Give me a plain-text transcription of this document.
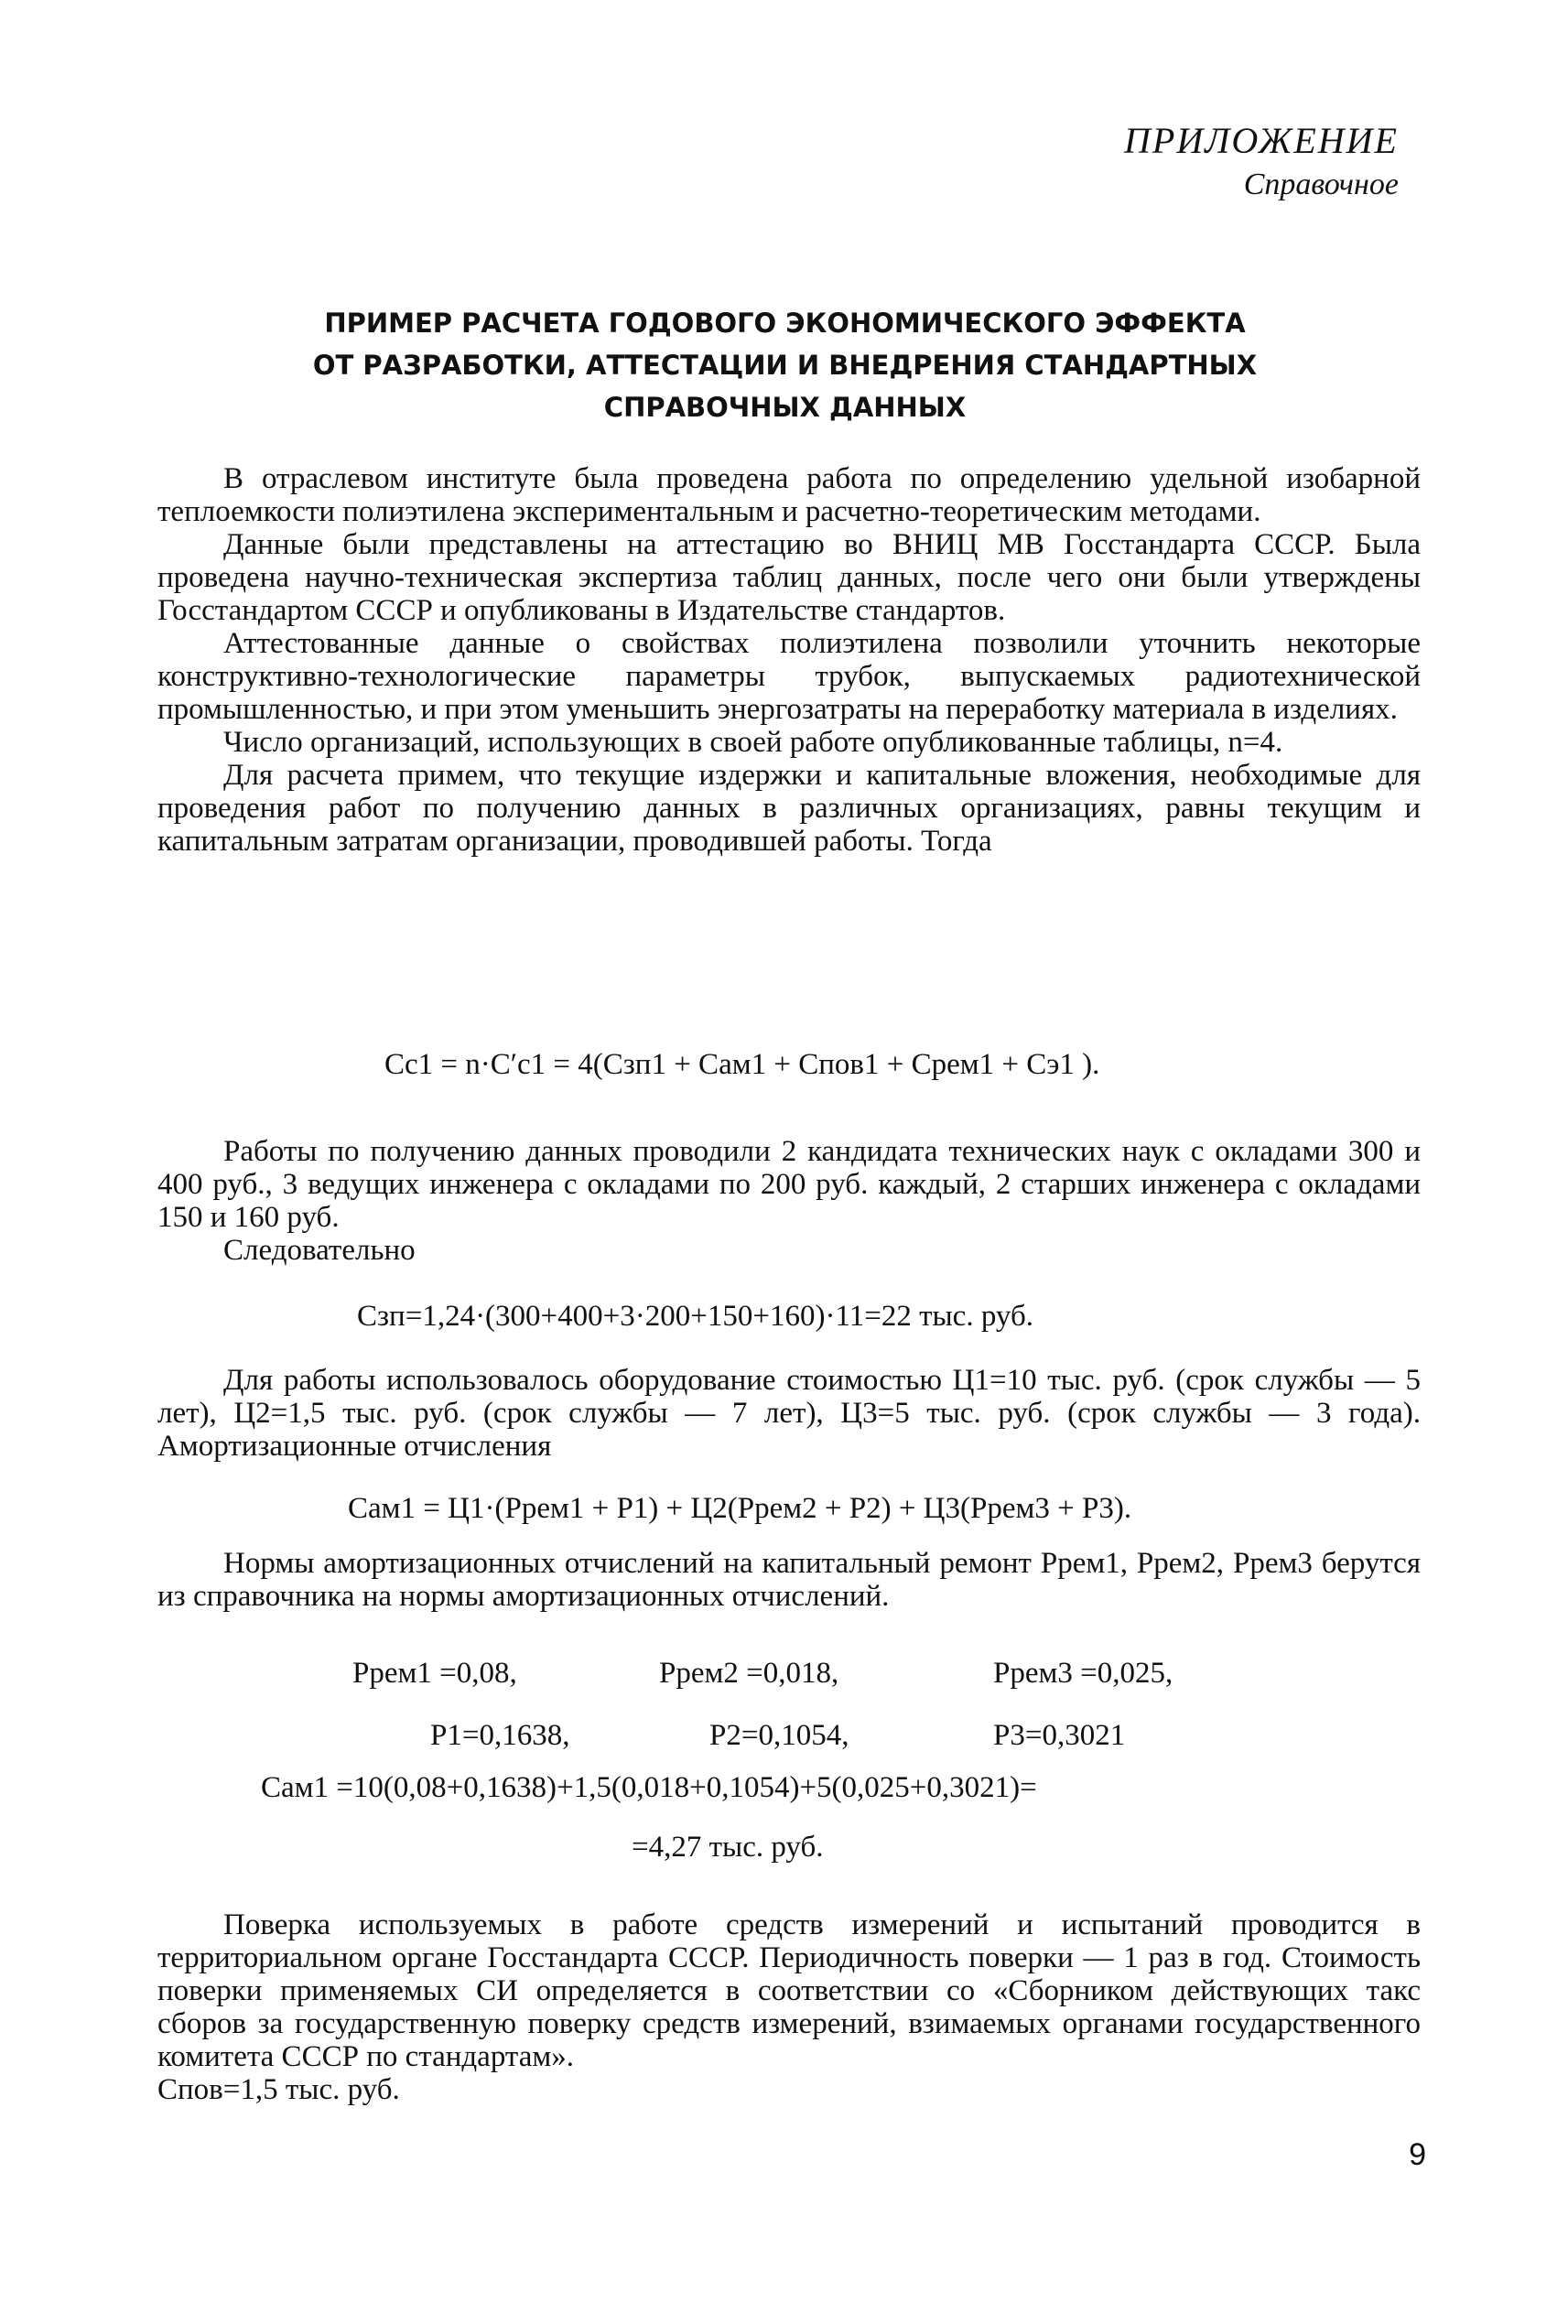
ПРИЛОЖЕНИЕ
Справочное
ПРИМЕР РАСЧЕТА ГОДОВОГО ЭКОНОМИЧЕСКОГО ЭФФЕКТА
ОТ РАЗРАБОТКИ, АТТЕСТАЦИИ И ВНЕДРЕНИЯ СТАНДАРТНЫХ
СПРАВОЧНЫХ ДАННЫХ

В отраслевом институте была проведена работа по определению удельной изобарной теплоемкости полиэтилена экспериментальным и расчетно-теоретическим методами.

Данные были представлены на аттестацию во ВНИЦ МВ Госстандарта СССР. Была проведена научно-техническая экспертиза таблиц данных, после чего они были утверждены Госстандартом СССР и опубликованы в Издательстве стандартов.

Аттестованные данные о свойствах полиэтилена позволили уточнить некоторые конструктивно-технологические параметры трубок, выпускаемых радиотехнической промышленностью, и при этом уменьшить энергозатраты на переработку материала в изделиях.

Число организаций, использующих в своей работе опубликованные таблицы, n=4.

Для расчета примем, что текущие издержки и капитальные вложения, необходимые для проведения работ по получению данных в различных организациях, равны текущим и капитальным затратам организации, проводившей работы. Тогда

Cс1 = n·C′с1 = 4(Cзп1 + Cам1 + Cпов1 + Cрем1 + Cэ1 ).

Работы по получению данных проводили 2 кандидата технических наук с окладами 300 и 400 руб., 3 ведущих инженера с окладами по 200 руб. каждый, 2 старших инженера с окладами 150 и 160 руб.

Следовательно

Cзп=1,24·(300+400+3·200+150+160)·11=22 тыс. руб.

Для работы использовалось оборудование стоимостью Ц1=10 тыс. руб. (срок службы — 5 лет), Ц2=1,5 тыс. руб. (срок службы — 7 лет), Ц3=5 тыс. руб. (срок службы — 3 года). Амортизационные отчисления

Cам1 = Ц1·(Pрем1 + P1) + Ц2(Pрем2 + P2) + Ц3(Pрем3 + P3).

Нормы амортизационных отчислений на капитальный ремонт Pрем1, Pрем2, Pрем3 берутся из справочника на нормы амортизационных отчислений.

Pрем1 =0,08,	Pрем2 =0,018,	Pрем3 =0,025,
P1=0,1638,	P2=0,1054,	P3=0,3021
Cам1 =10(0,08+0,1638)+1,5(0,018+0,1054)+5(0,025+0,3021)=
=4,27 тыс. руб.

Поверка используемых в работе средств измерений и испытаний проводится в территориальном органе Госстандарта СССР. Периодичность поверки — 1 раз в год. Стоимость поверки применяемых СИ определяется в соответствии со «Сборником действующих такс сборов за государственную поверку средств измерений, взимаемых органами государственного комитета СССР по стандартам».

Cпов=1,5 тыс. руб.

9
